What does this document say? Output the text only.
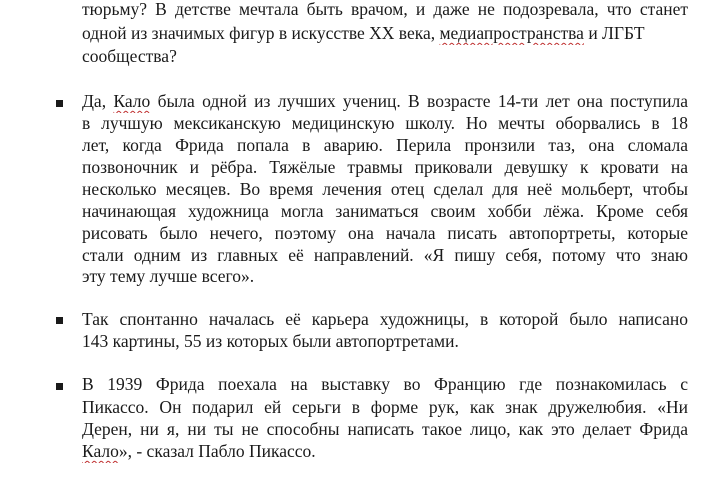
тюрьму? В детстве мечтала быть врачом, и даже не подозревала, что станет
одной из значимых фигур в искусстве XX века, медиапространства и ЛГБТ
сообщества?
Да, Кало была одной из лучших учениц. В возрасте 14-ти лет она поступила
в лучшую мексиканскую медицинскую школу. Но мечты оборвались в 18
лет, когда Фрида попала в аварию. Перила пронзили таз, она сломала
позвоночник и рёбра. Тяжёлые травмы приковали девушку к кровати на
несколько месяцев. Во время лечения отец сделал для неё мольберт, чтобы
начинающая художница могла заниматься своим хобби лёжа. Кроме себя
рисовать было нечего, поэтому она начала писать автопортреты, которые
стали одним из главных её направлений. «Я пишу себя, потому что знаю
эту тему лучше всего».
Так спонтанно началась её карьера художницы, в которой было написано
143 картины, 55 из которых были автопортретами.
В 1939 Фрида поехала на выставку во Францию где познакомилась с
Пикассо. Он подарил ей серьги в форме рук, как знак дружелюбия. «Ни
Дерен, ни я, ни ты не способны написать такое лицо, как это делает Фрида
Кало», - сказал Пабло Пикассо.
